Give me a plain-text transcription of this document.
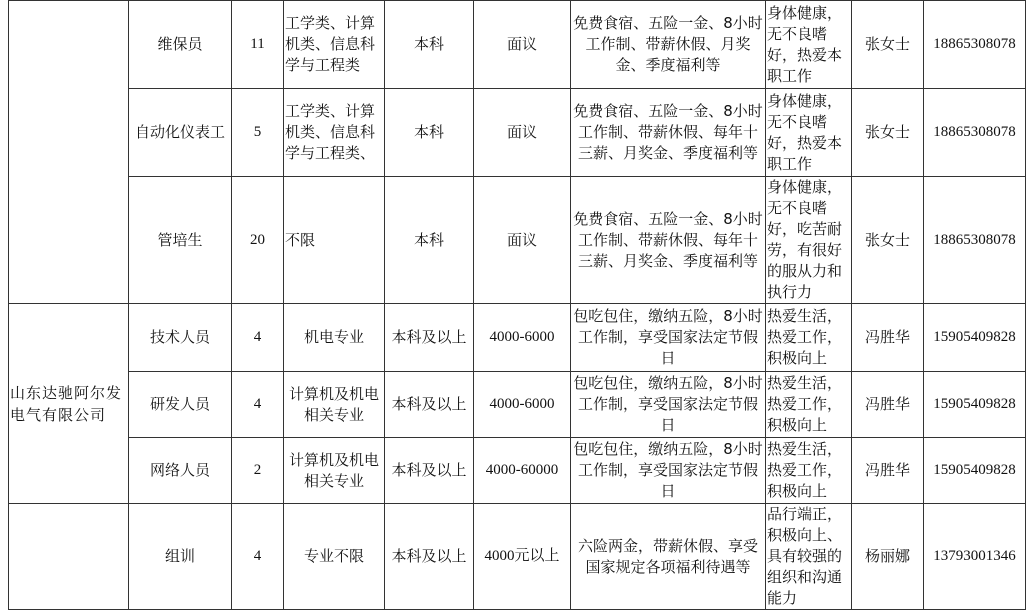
	维保员	11	工学类、计算机类、信息科学与工程类	本科	面议	免费食宿、五险一金、8小时工作制、带薪休假、月奖金、季度福利等	身体健康，无不良嗜好，热爱本职工作	张女士	18865308078
	自动化仪表工	5	工学类、计算机类、信息科学与工程类、	本科	面议	免费食宿、五险一金、8小时工作制、带薪休假、每年十三薪、月奖金、季度福利等	身体健康，无不良嗜好，热爱本职工作	张女士	18865308078
	管培生	20	不限	本科	面议	免费食宿、五险一金、8小时工作制、带薪休假、每年十三薪、月奖金、季度福利等	身体健康，无不良嗜好，吃苦耐劳，有很好的服从力和执行力	张女士	18865308078
山东达驰阿尔发电气有限公司	技术人员	4	机电专业	本科及以上	4000-6000	包吃包住，缴纳五险，8小时工作制，享受国家法定节假日	热爱生活，热爱工作，积极向上	冯胜华	15905409828
	研发人员	4	计算机及机电相关专业	本科及以上	4000-6000	包吃包住，缴纳五险，8小时工作制，享受国家法定节假日	热爱生活，热爱工作，积极向上	冯胜华	15905409828
	网络人员	2	计算机及机电相关专业	本科及以上	4000-60000	包吃包住，缴纳五险，8小时工作制，享受国家法定节假日	热爱生活，热爱工作，积极向上	冯胜华	15905409828
	组训	4	专业不限	本科及以上	4000元以上	六险两金，带薪休假、享受国家规定各项福利待遇等	品行端正，积极向上、具有较强的组织和沟通能力	杨丽娜	13793001346
